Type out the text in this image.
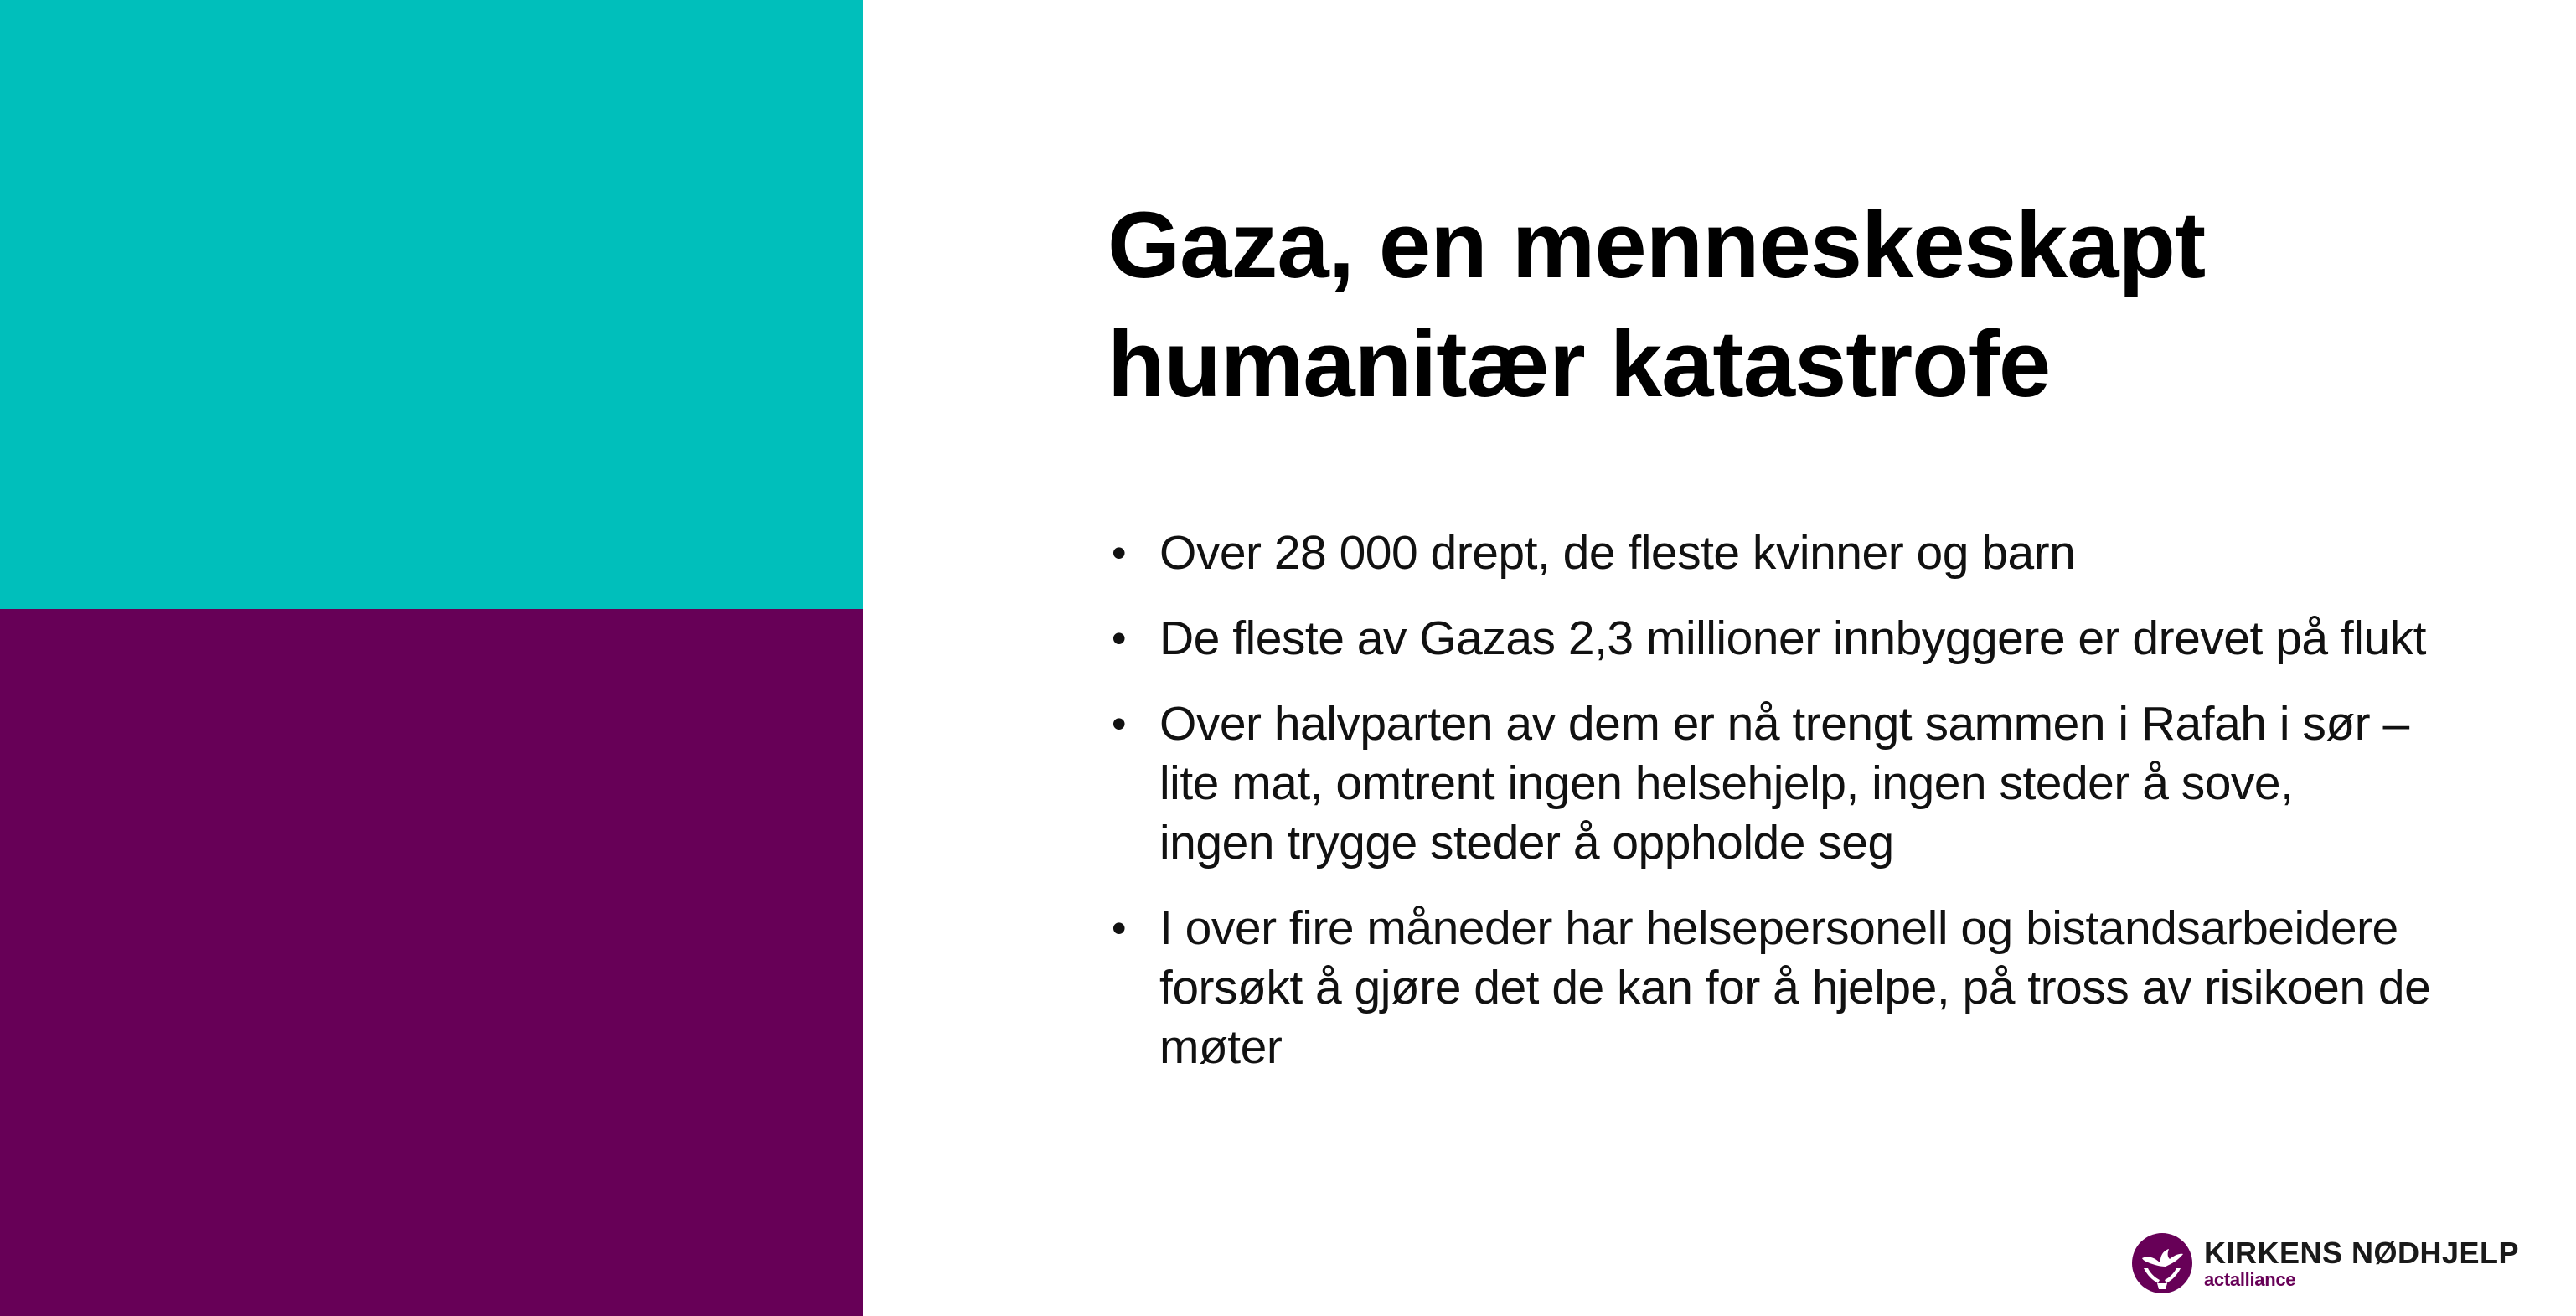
Gaza, en menneskeskapt
humanitær katastrofe
• Over 28 000 drept, de fleste kvinner og barn
• De fleste av Gazas 2,3 millioner innbyggere er drevet på flukt
• Over halvparten av dem er nå trengt sammen i Rafah i sør –
lite mat, omtrent ingen helsehjelp, ingen steder å sove,
ingen trygge steder å oppholde seg
• I over fire måneder har helsepersonell og bistandsarbeidere
forsøkt å gjøre det de kan for å hjelpe, på tross av risikoen de
møter
KIRKENS NØDHJELP
actalliance
